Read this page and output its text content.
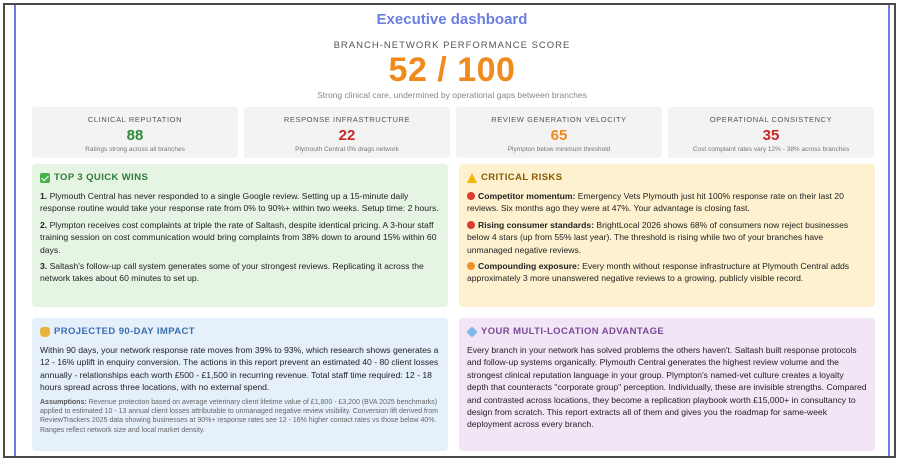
Executive dashboard
BRANCH-NETWORK PERFORMANCE SCORE
52 / 100
Strong clinical care, undermined by operational gaps between branches
CLINICAL REPUTATION
88
Ratings strong across all branches
RESPONSE INFRASTRUCTURE
22
Plymouth Central 0% drags network
REVIEW GENERATION VELOCITY
65
Plympton below minimum threshold
OPERATIONAL CONSISTENCY
35
Cost complaint rates vary 12% - 38% across branches
TOP 3 QUICK WINS

1. Plymouth Central has never responded to a single Google review. Setting up a 15-minute daily response routine would take your response rate from 0% to 90%+ within two weeks. Setup time: 2 hours.

2. Plympton receives cost complaints at triple the rate of Saltash, despite identical pricing. A 3-hour staff training session on cost communication would bring complaints from 38% down to around 15% within 60 days.

3. Saltash's follow-up call system generates some of your strongest reviews. Replicating it across the network takes about 60 minutes to set up.

CRITICAL RISKS

Competitor momentum: Emergency Vets Plymouth just hit 100% response rate on their last 20 reviews. Six months ago they were at 47%. Your advantage is closing fast.

Rising consumer standards: BrightLocal 2026 shows 68% of consumers now reject businesses below 4 stars (up from 55% last year). The threshold is rising while two of your branches have unmanaged negative reviews.

Compounding exposure: Every month without response infrastructure at Plymouth Central adds approximately 3 more unanswered negative reviews to a growing, publicly visible record.

PROJECTED 90-DAY IMPACT

Within 90 days, your network response rate moves from 39% to 93%, which research shows generates a 12 - 16% uplift in enquiry conversion. The actions in this report prevent an estimated 40 - 80 client losses annually - relationships each worth £500 - £1,500 in recurring revenue. Total staff time required: 12 - 18 hours spread across three locations, with no external spend.

Assumptions: Revenue protection based on average veterinary client lifetime value of £1,800 - £3,200 (BVA 2025 benchmarks) applied to estimated 10 - 13 annual client losses attributable to unmanaged negative review visibility. Conversion lift derived from ReviewTrackers 2025 data showing businesses at 90%+ response rates see 12 - 16% higher contact rates vs those below 40%. Ranges reflect network size and local market density.
YOUR MULTI-LOCATION ADVANTAGE

Every branch in your network has solved problems the others haven't. Saltash built response protocols and follow-up systems organically. Plymouth Central generates the highest review volume and the strongest clinical reputation language in your group. Plympton's named-vet culture creates a loyalty depth that counteracts "corporate group" perception. Individually, these are invisible strengths. Compared and contrasted across locations, they become a replication playbook worth £15,000+ in consultancy to design from scratch. This report extracts all of them and gives you the roadmap for same-week deployment across every branch.
